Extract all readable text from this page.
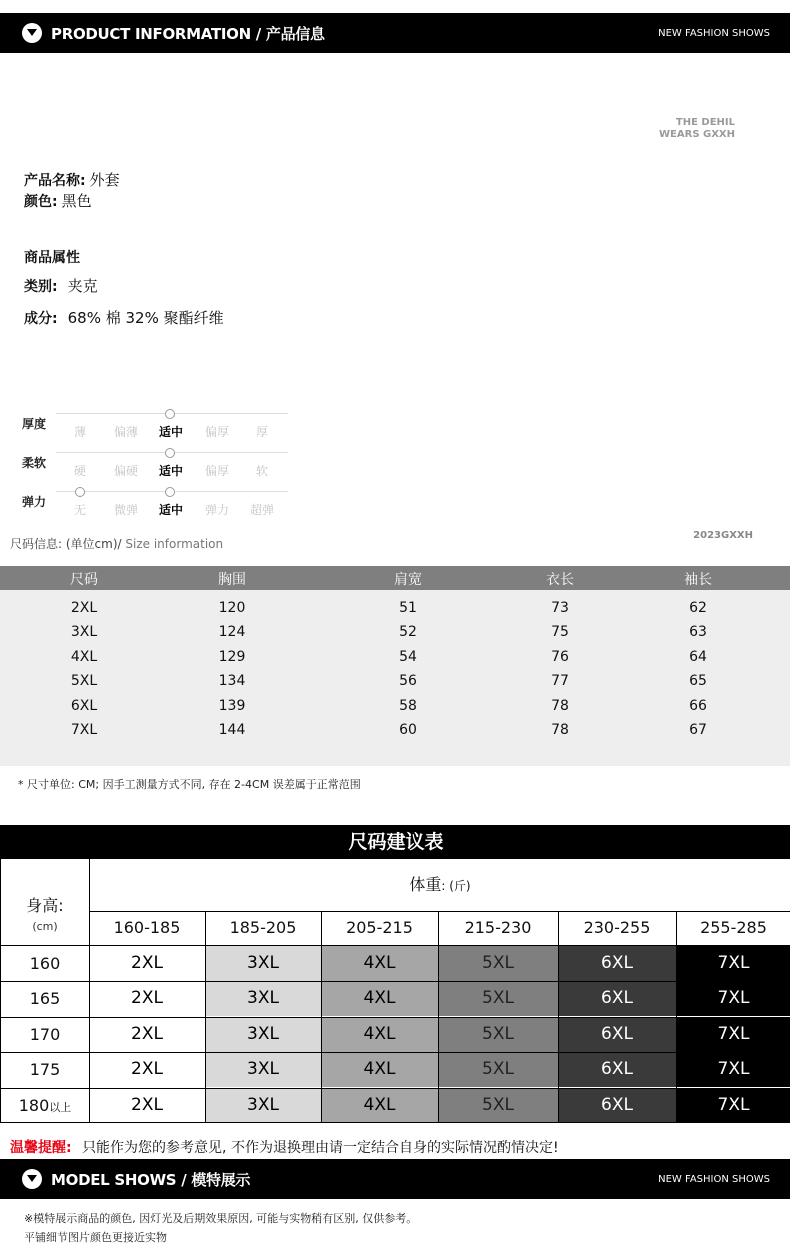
PRODUCT INFORMATION / 产品信息	NEW FASHION SHOWS
THE DEHIL
WEARS GXXH
产品名称: 外套
颜色: 黑色
商品属性
类别: 夹克
成分: 68% 棉 32% 聚酯纤维
厚度
薄	偏薄	适中	偏厚	厚
柔软
硬	偏硬	适中	偏厚	软
弹力
无	微弹	适中	弹力	超弹
尺码信息: (单位cm)/ Size information
2023GXXH
尺码	胸围	肩宽	衣长	袖长
2XL	120	51	73	62
3XL	124	52	75	63
4XL	129	54	76	64
5XL	134	56	77	65
6XL	139	58	78	66
7XL	144	60	78	67
* 尺寸单位: CM; 因手工测量方式不同, 存在 2-4CM 误差属于正常范围
尺码建议表
身高:
(cm)
体重: (斤)
160-185	185-205	205-215	215-230	230-255	255-285
160	2XL	3XL	4XL	5XL	6XL	7XL
165	2XL	3XL	4XL	5XL	6XL	7XL
170	2XL	3XL	4XL	5XL	6XL	7XL
175	2XL	3XL	4XL	5XL	6XL	7XL
180以上	2XL	3XL	4XL	5XL	6XL	7XL
温馨提醒: 只能作为您的参考意见, 不作为退换理由请一定结合自身的实际情况酌情决定!
MODEL SHOWS / 模特展示	NEW FASHION SHOWS
※模特展示商品的颜色, 因灯光及后期效果原因, 可能与实物稍有区别, 仅供参考。
平铺细节图片颜色更接近实物
